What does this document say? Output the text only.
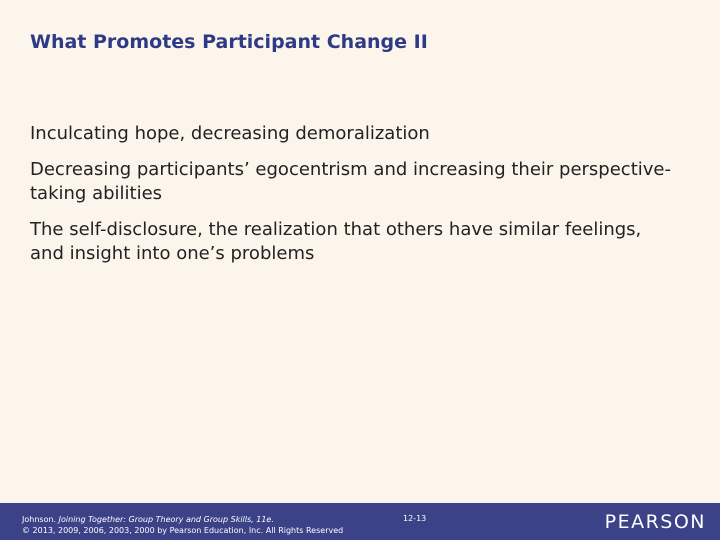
What Promotes Participant Change II
Inculcating hope, decreasing demoralization
Decreasing participants’ egocentrism and increasing their perspective-taking abilities
The self-disclosure, the realization that others have similar feelings, and insight into one’s problems
Johnson. Joining Together: Group Theory and Group Skills, 11e.
© 2013, 2009, 2006, 2003, 2000 by Pearson Education, Inc. All Rights Reserved
12-13	PEARSON
